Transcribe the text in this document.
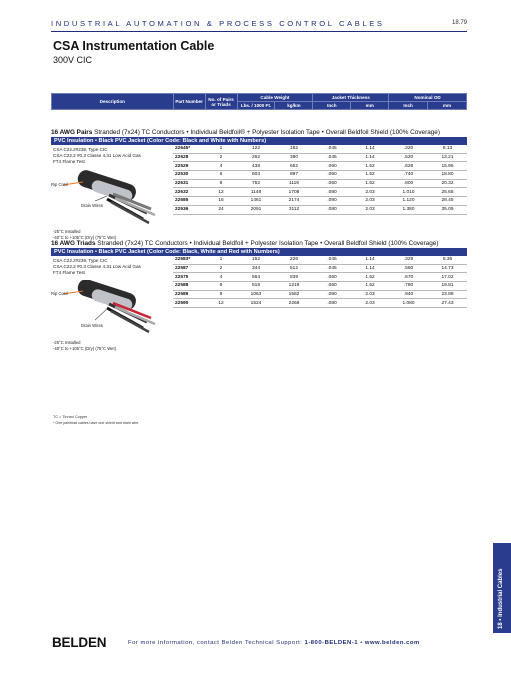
INDUSTRIAL AUTOMATION & PROCESS CONTROL CABLES	18.79
CSA Instrumentation Cable
300V CIC
Description	Part Number	No. of Pairs or Triads	Cable Weight		Jacket Thickness		Nominal OD	
			Lbs. / 1000 Ft.	kg/km	Inch	mm	Inch	mm
16 AWG Pairs Stranded (7x24) TC Conductors • Individual Beldfoil® + Polyester Isolation Tape • Overall Beldfoil Shield (100% Coverage)
PVC Insulation • Black PVC Jacket (Color Code: Black and White with Numbers)
CSA C22.2#239, Type CIC
CSA C22.2 #0.3 Classe 4.31 Low Acid Gas
FT4 Flame Test
Rip Cord
Drain Wires
-25°C Installed
-40°C to +105°C (Dry) (75°C Wet)
22645*	1	122	182	.045	1.14	.320	8.13
22628	2	262	390	.045	1.14	.520	13.21
22529	4	438	652	.060	1.52	.628	15.95
22530	6	603	897	.060	1.52	.740	18.80
22631	8	752	1119	.060	1.52	.800	20.32
22632	12	1148	1708	.080	2.03	1.010	25.65
22685	16	1461	2174	.080	2.03	1.120	28.45
22536	24	2091	3112	.080	2.03	1.380	35.05
16 AWG Triads Stranded (7x24) TC Conductors • Individual Beldfoil + Polyester Isolation Tape • Overall Beldfoil Shield (100% Coverage)
PVC Insulation • Black PVC Jacket (Color Code: Black, White and Red with Numbers)
CSA C22.2#239, Type CIC
CSA C22.2 #0.3 Classe 4.31 Low Acid Gas
FT4 Flame Test
Rip Cord
Drain Wires
-25°C Installed
-40°C to +105°C (Dry) (75°C Wet)
22583*	1	152	226	.045	1.14	.329	8.36
22587	2	344	512	.045	1.14	.560	14.73
22575	4	564	839	.060	1.52	.670	17.02
22588	6	819	1219	.060	1.52	.780	19.81
22589	8	1063	1582	.080	2.03	.940	23.88
22590	12	1524	2268	.080	2.03	1.080	27.43
TC = Tinned Copper
* One pair/triad cables have one shield and drain wire.
18 • Industrial Cables
BELDEN	For more information, contact Belden Technical Support: 1-800-BELDEN-1 • www.belden.com
